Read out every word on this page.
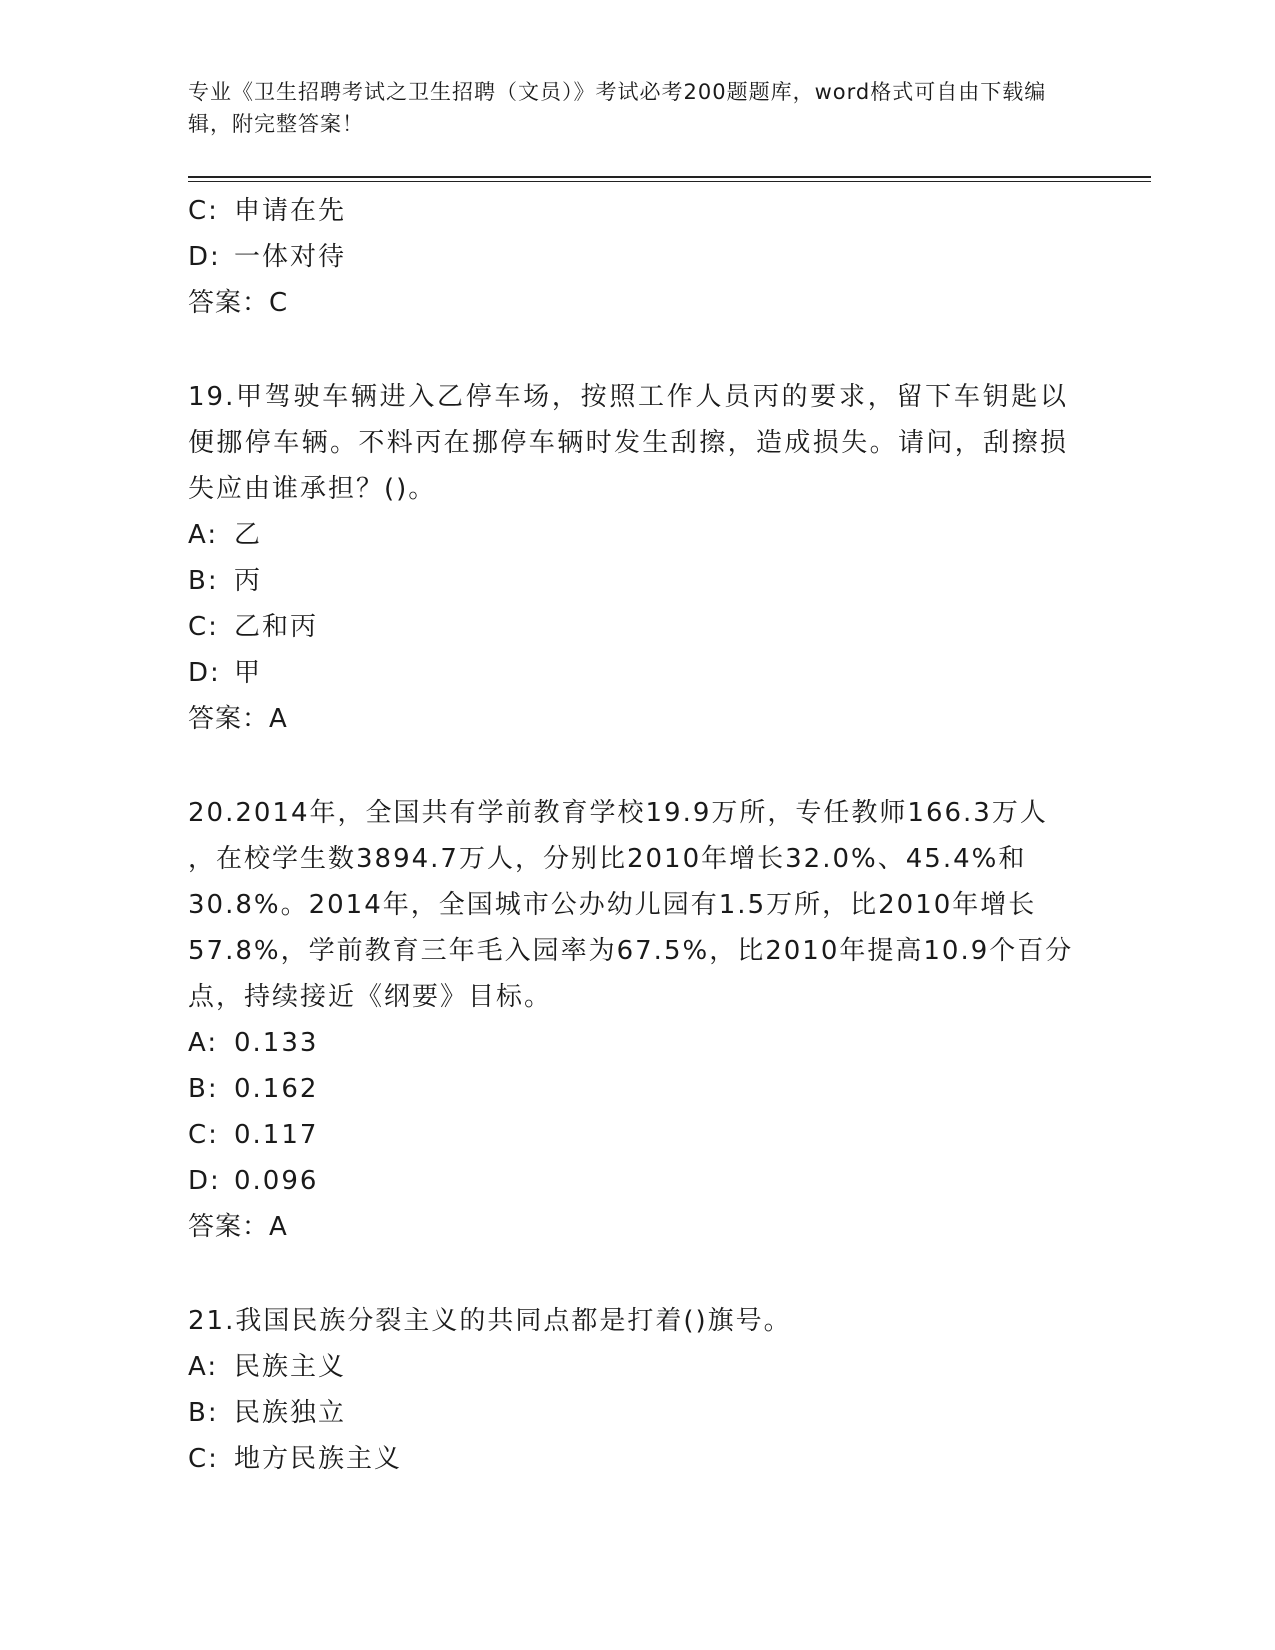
专业《卫生招聘考试之卫生招聘（文员）》考试必考200题题库，word格式可自由下载编辑，附完整答案！
C: 申请在先
D: 一体对待
答案：C
19.甲驾驶车辆进入乙停车场，按照工作人员丙的要求，留下车钥匙以便挪停车辆。不料丙在挪停车辆时发生刮擦，造成损失。请问，刮擦损失应由谁承担？()。
A: 乙
B: 丙
C: 乙和丙
D: 甲
答案：A
20.2014年，全国共有学前教育学校19.9万所，专任教师166.3万人
，在校学生数3894.7万人，分别比2010年增长32.0%、45.4%和
30.8%。2014年，全国城市公办幼儿园有1.5万所，比2010年增长
57.8%，学前教育三年毛入园率为67.5%，比2010年提高10.9个百分
点，持续接近《纲要》目标。
A: 0.133
B: 0.162
C: 0.117
D: 0.096
答案：A
21.我国民族分裂主义的共同点都是打着()旗号。
A: 民族主义
B: 民族独立
C: 地方民族主义
